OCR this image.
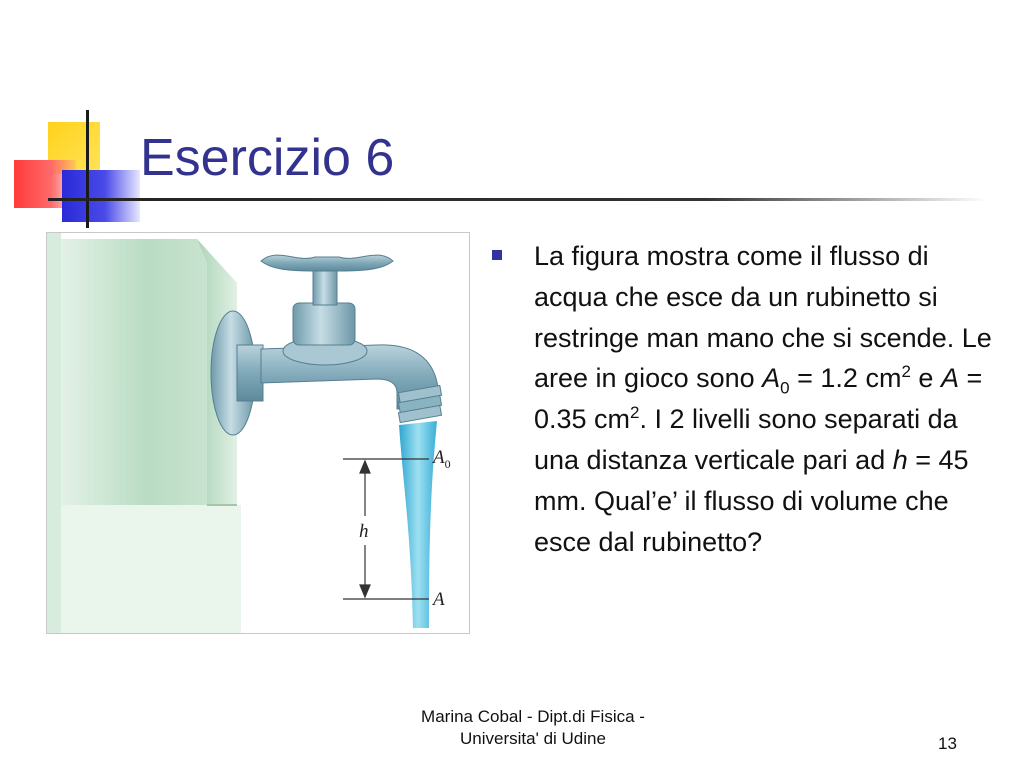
Esercizio 6
$A_0$
h
A
La figura mostra come il flusso di acqua che esce da un rubinetto si restringe man mano che si scende. Le aree in gioco sono $A_0 = 1.2$ $cm^2$ e A = 0.35 $cm^2$. I 2 livelli sono separati da una distanza verticale pari ad h = 45 mm. Qual’e’ il flusso di volume che esce dal rubinetto?
Marina Cobal - Dipt.di Fisica -
Universita' di Udine	13
